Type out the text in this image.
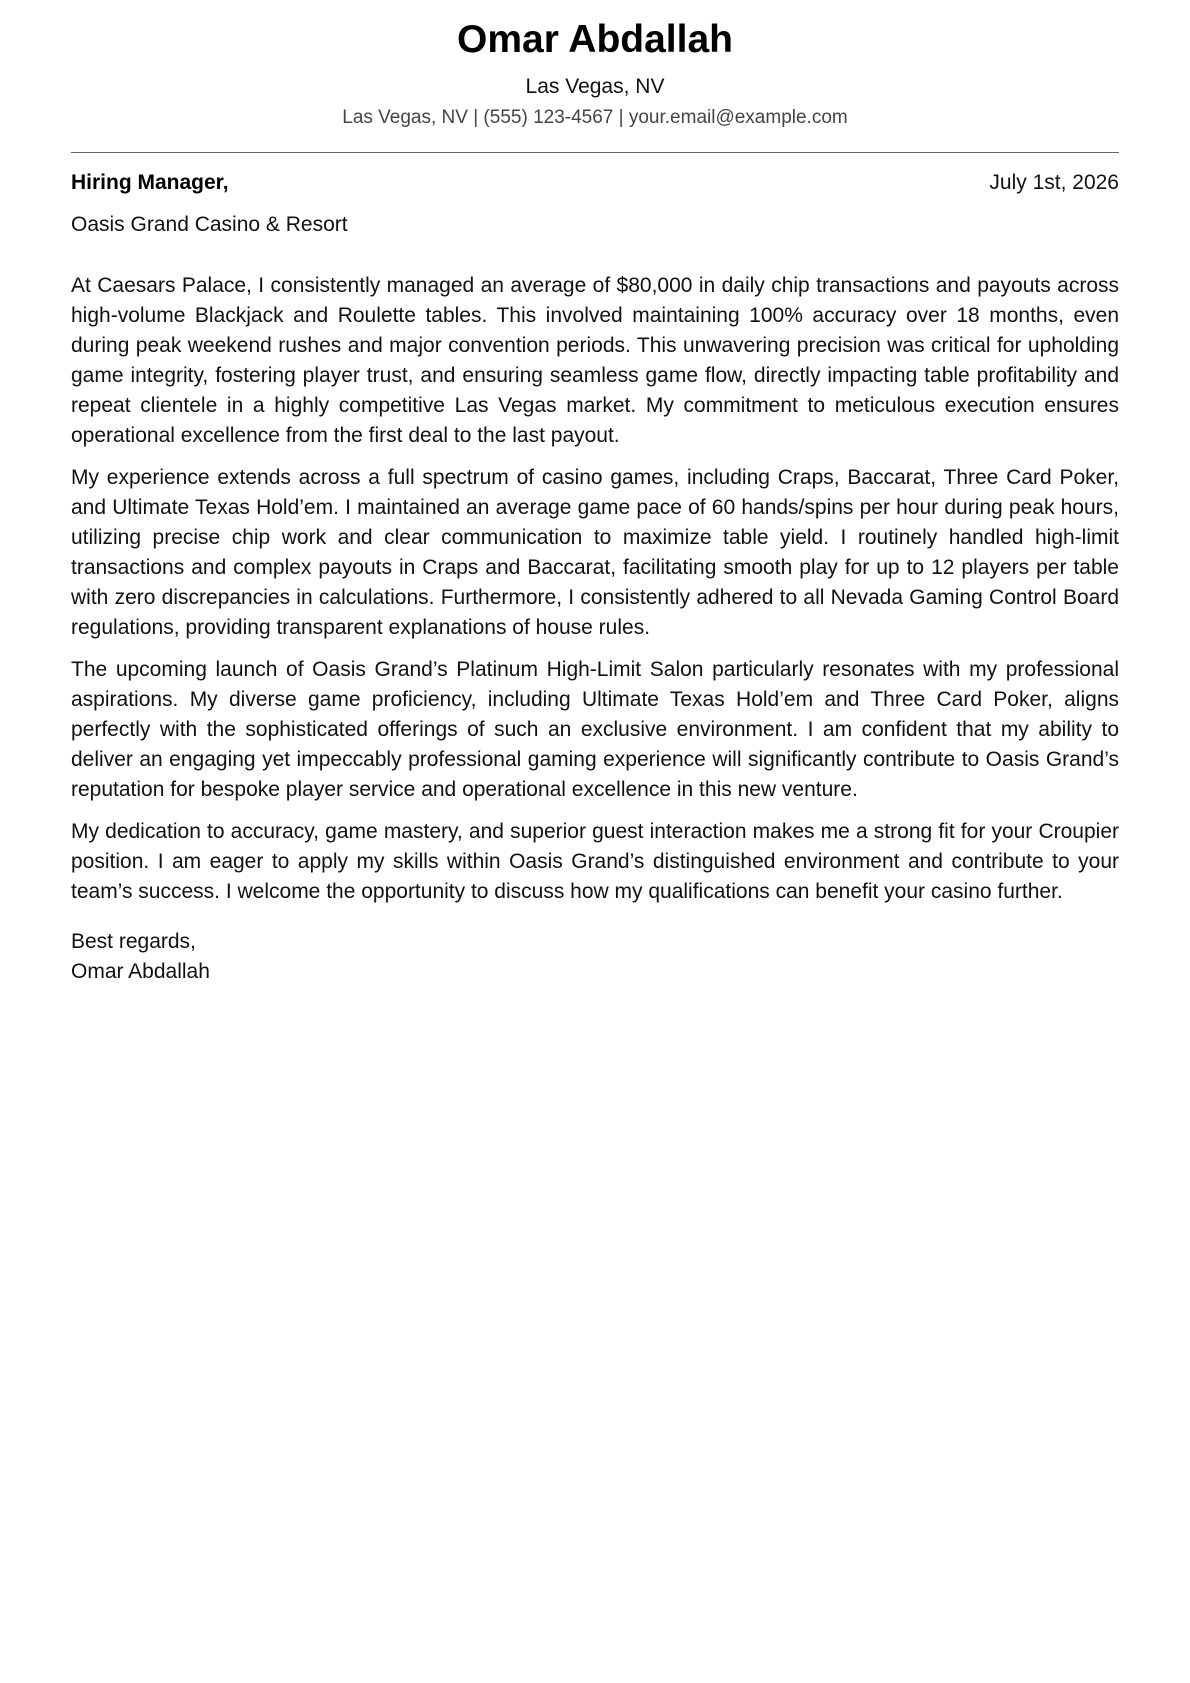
Omar Abdallah
Las Vegas, NV
Las Vegas, NV | (555) 123-4567 | your.email@example.com
Hiring Manager,	July 1st, 2026
Oasis Grand Casino & Resort

At Caesars Palace, I consistently managed an average of $80,000 in daily chip transactions and payouts across high-volume Blackjack and Roulette tables. This involved maintaining 100% accuracy over 18 months, even during peak weekend rushes and major convention periods. This unwavering precision was critical for upholding game integrity, fostering player trust, and ensuring seamless game flow, directly impacting table profitability and repeat clientele in a highly competitive Las Vegas market. My commitment to meticulous execution ensures operational excellence from the first deal to the last payout.

My experience extends across a full spectrum of casino games, including Craps, Baccarat, Three Card Poker, and Ultimate Texas Hold’em. I maintained an average game pace of 60 hands/spins per hour during peak hours, utilizing precise chip work and clear communication to maximize table yield. I routinely handled high-limit transactions and complex payouts in Craps and Baccarat, facilitating smooth play for up to 12 players per table with zero discrepancies in calculations. Furthermore, I consistently adhered to all Nevada Gaming Control Board regulations, providing transparent explanations of house rules.

The upcoming launch of Oasis Grand’s Platinum High-Limit Salon particularly resonates with my professional aspirations. My diverse game proficiency, including Ultimate Texas Hold’em and Three Card Poker, aligns perfectly with the sophisticated offerings of such an exclusive environment. I am confident that my ability to deliver an engaging yet impeccably professional gaming experience will significantly contribute to Oasis Grand’s reputation for bespoke player service and operational excellence in this new venture.

My dedication to accuracy, game mastery, and superior guest interaction makes me a strong fit for your Croupier position. I am eager to apply my skills within Oasis Grand’s distinguished environment and contribute to your team’s success. I welcome the opportunity to discuss how my qualifications can benefit your casino further.

Best regards,
Omar Abdallah
